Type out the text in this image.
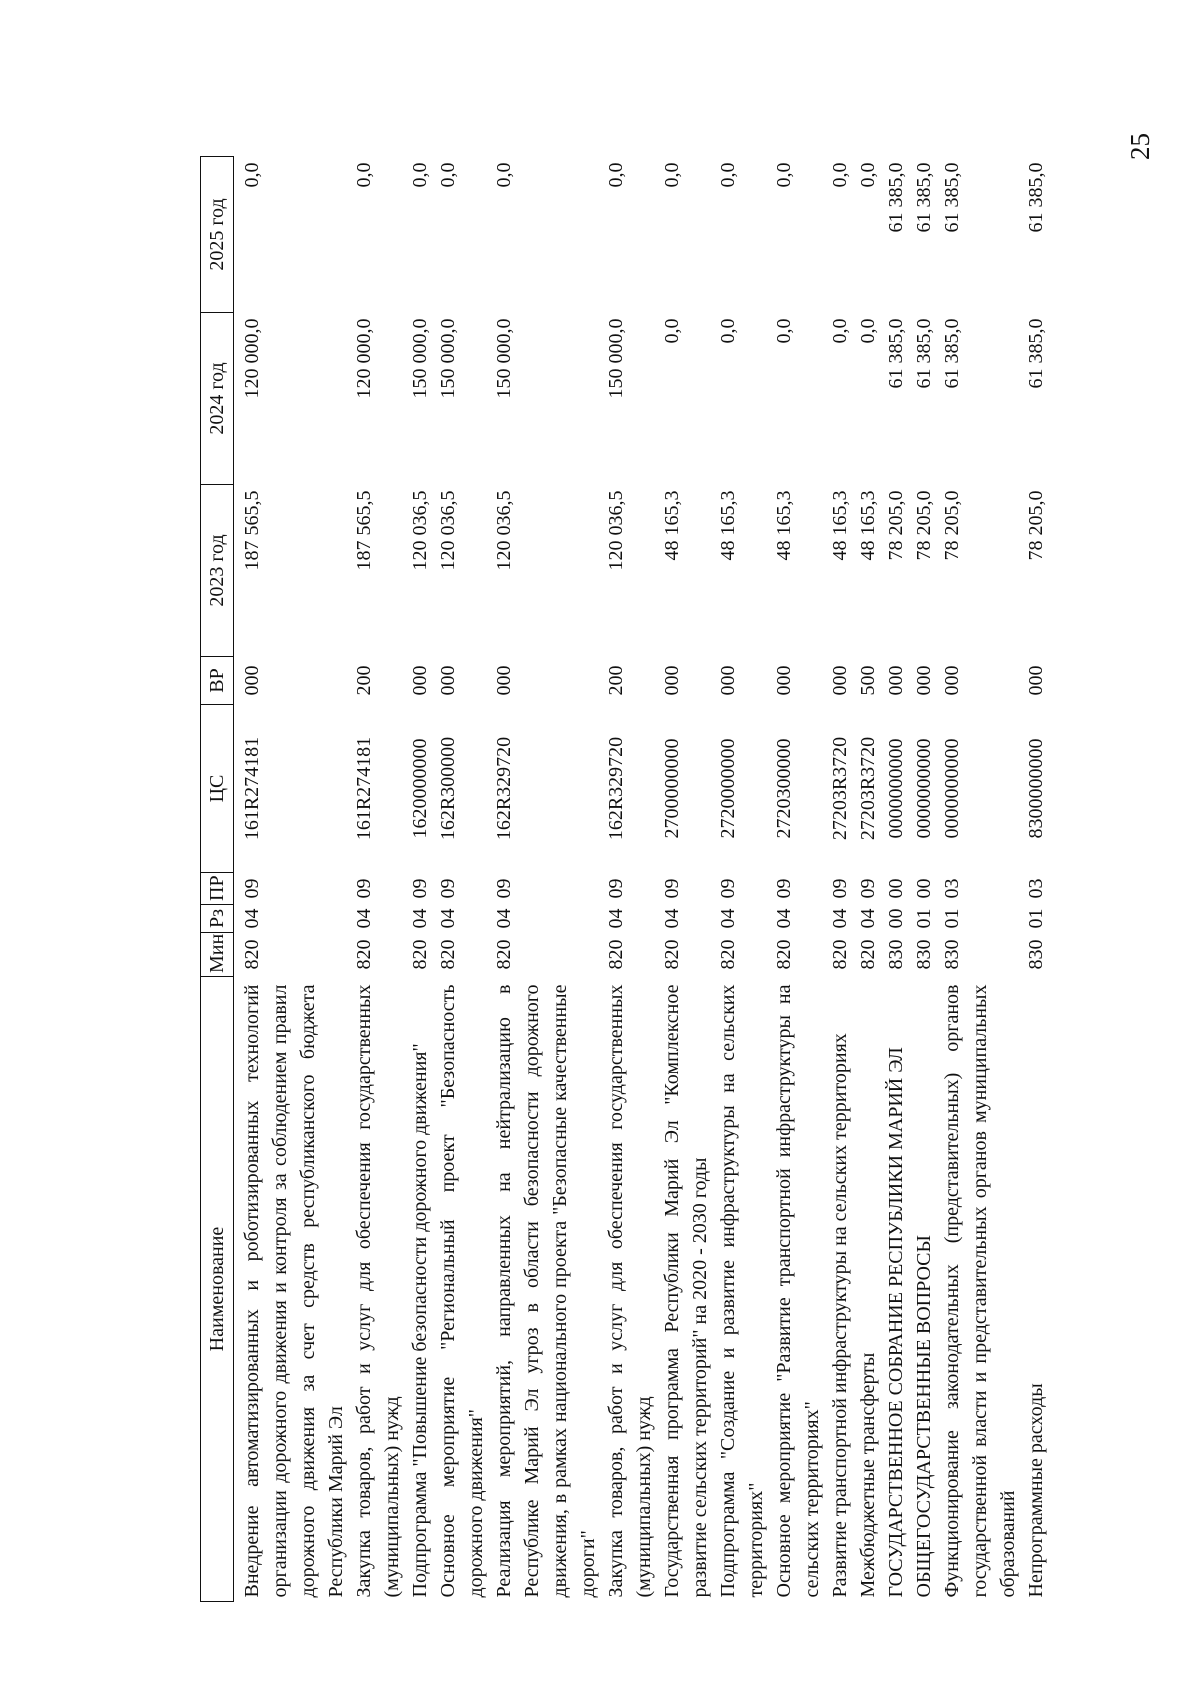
25
Наименование	Мин	Рз	ПР	ЦС	ВР	2023 год	2024 год	2025 год
Внедрение автоматизированных и роботизированных технологий организации дорожного движения и контроля за соблюдением правил дорожного движения за счет средств республиканского бюджета Республики Марий Эл	820	04	09	161R274181	000	187 565,5	120 000,0	0,0
Закупка товаров, работ и услуг для обеспечения государственных (муниципальных) нужд	820	04	09	161R274181	200	187 565,5	120 000,0	0,0
Подпрограмма "Повышение безопасности дорожного движения"	820	04	09	1620000000	000	120 036,5	150 000,0	0,0
Основное мероприятие "Региональный проект "Безопасность дорожного движения"	820	04	09	162R300000	000	120 036,5	150 000,0	0,0
Реализация мероприятий, направленных на нейтрализацию в Республике Марий Эл угроз в области безопасности дорожного движения, в рамках национального проекта "Безопасные качественные дороги"	820	04	09	162R329720	000	120 036,5	150 000,0	0,0
Закупка товаров, работ и услуг для обеспечения государственных (муниципальных) нужд	820	04	09	162R329720	200	120 036,5	150 000,0	0,0
Государственная программа Республики Марий Эл "Комплексное развитие сельских территорий" на 2020 - 2030 годы	820	04	09	2700000000	000	48 165,3	0,0	0,0
Подпрограмма "Создание и развитие инфраструктуры на сельских территориях"	820	04	09	2720000000	000	48 165,3	0,0	0,0
Основное мероприятие "Развитие транспортной инфраструктуры на сельских территориях"	820	04	09	2720300000	000	48 165,3	0,0	0,0
Развитие транспортной инфраструктуры на сельских территориях	820	04	09	27203R3720	000	48 165,3	0,0	0,0
Межбюджетные трансферты	820	04	09	27203R3720	500	48 165,3	0,0	0,0
ГОСУДАРСТВЕННОЕ СОБРАНИЕ РЕСПУБЛИКИ МАРИЙ ЭЛ	830	00	00	0000000000	000	78 205,0	61 385,0	61 385,0
ОБЩЕГОСУДАРСТВЕННЫЕ ВОПРОСЫ	830	01	00	0000000000	000	78 205,0	61 385,0	61 385,0
Функционирование законодательных (представительных) органов государственной власти и представительных органов муниципальных образований	830	01	03	0000000000	000	78 205,0	61 385,0	61 385,0
Непрограммные расходы	830	01	03	8300000000	000	78 205,0	61 385,0	61 385,0
